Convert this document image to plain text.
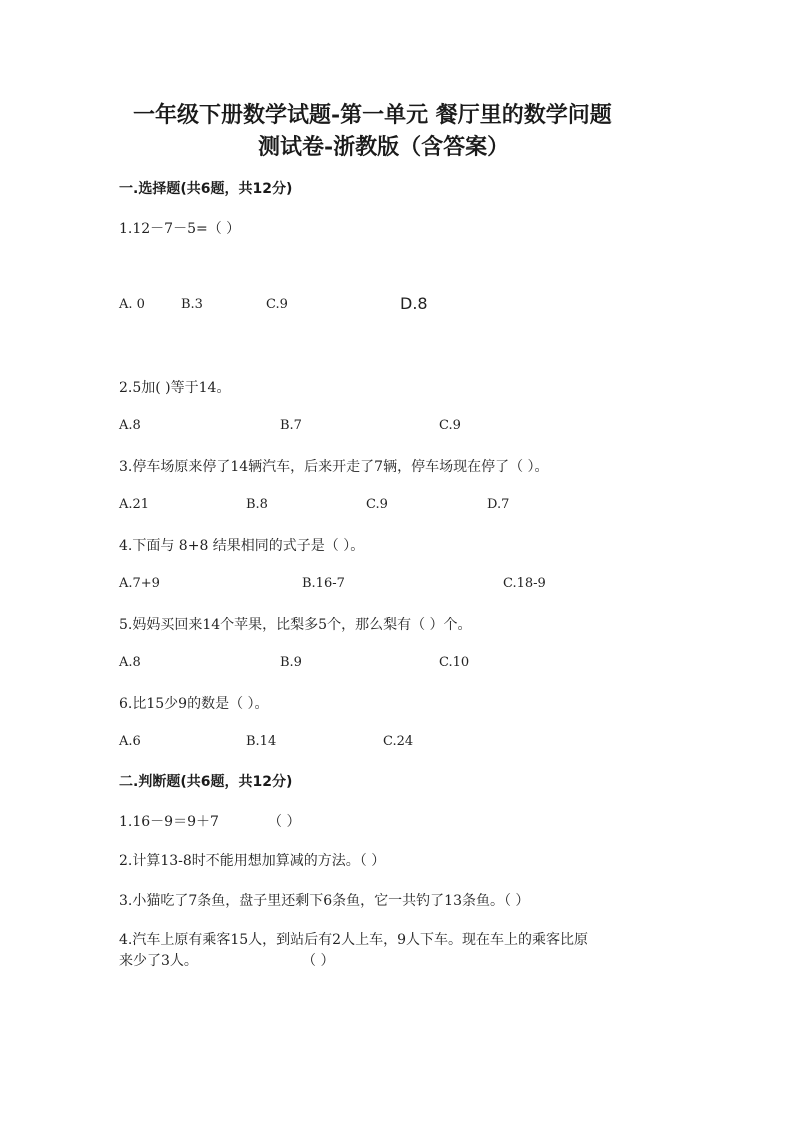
一年级下册数学试题-第一单元 餐厅里的数学问题
测试卷-浙教版（含答案）
一.选择题(共6题，共12分)
1.12－7－5=（ ）
A. 0	B.3	C.9	D.8
2.5加( )等于14。
A.8	B.7	C.9
3.停车场原来停了14辆汽车，后来开走了7辆，停车场现在停了（ ）。
A.21	B.8	C.9	D.7
4.下面与 8+8 结果相同的式子是（ ）。
A.7+9	B.16-7	C.18-9
5.妈妈买回来14个苹果，比梨多5个，那么梨有（ ）个。
A.8	B.9	C.10
6.比15少9的数是（ ）。
A.6	B.14	C.24
二.判断题(共6题，共12分)
1.16－9＝9＋7	（ ）
2.计算13-8时不能用想加算减的方法。（ ）
3.小猫吃了7条鱼，盘子里还剩下6条鱼，它一共钓了13条鱼。（ ）
4.汽车上原有乘客15人，到站后有2人上车，9人下车。现在车上的乘客比原
来少了3人。	（ ）
